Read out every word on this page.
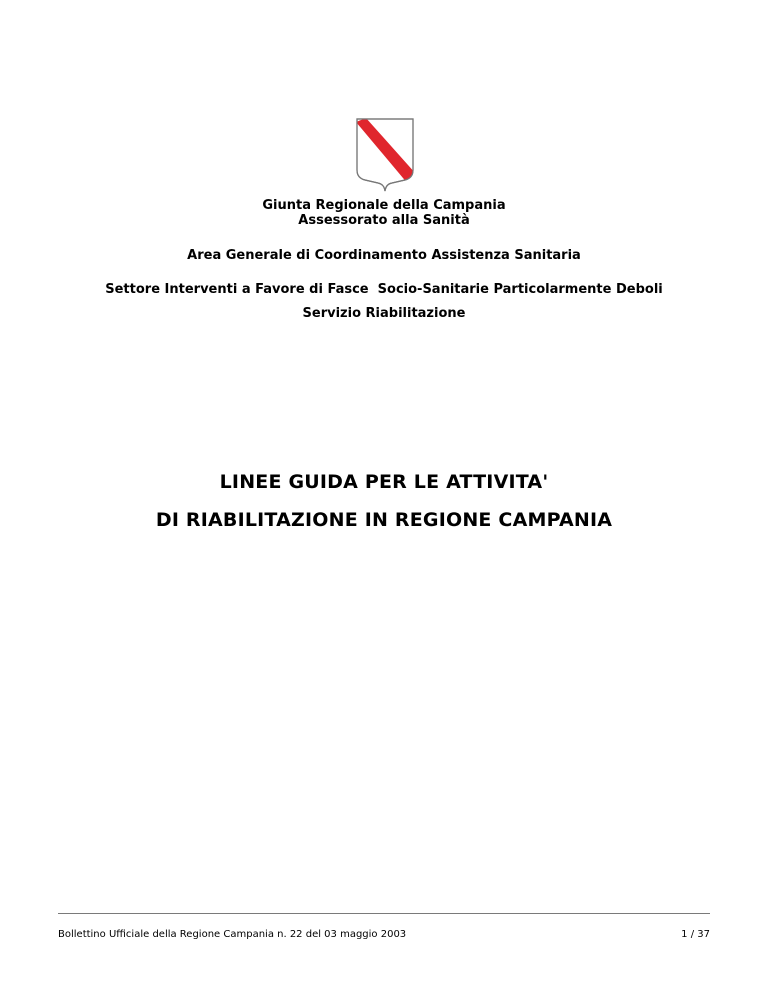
Giunta Regionale della Campania
Assessorato alla Sanità
Area Generale di Coordinamento Assistenza Sanitaria
Settore Interventi a Favore di Fasce  Socio-Sanitarie Particolarmente Deboli
Servizio Riabilitazione
LINEE GUIDA PER LE ATTIVITA'
DI RIABILITAZIONE IN REGIONE CAMPANIA
Bollettino Ufficiale della Regione Campania n. 22 del 03 maggio 2003	1 / 37
